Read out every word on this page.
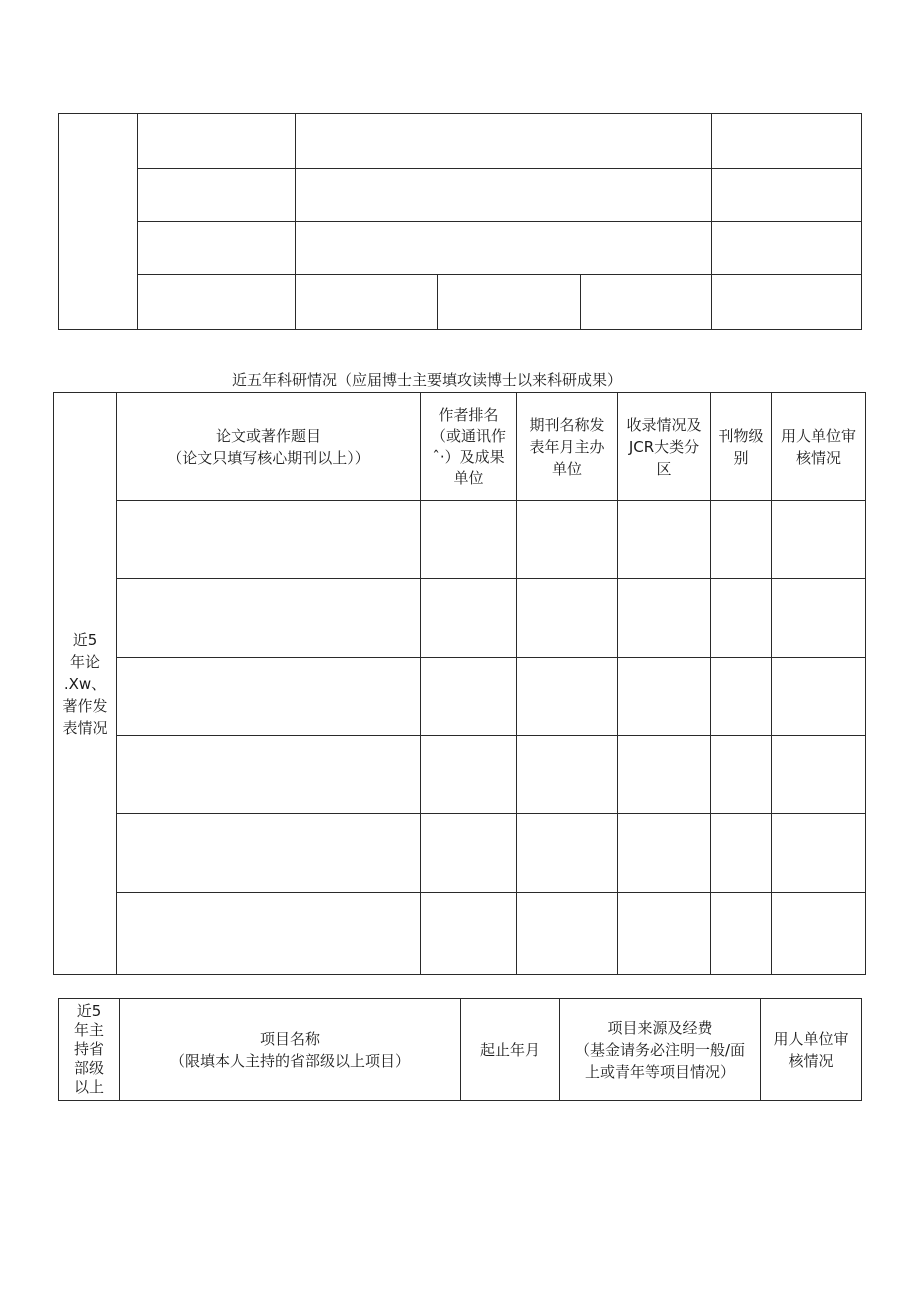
近五年科研情况（应届博士主要填攻读博士以来科研成果）
近5
年论
.Xw、
著作发
表情况
论文或著作题目
（论文只填写核心期刊以上））
作者排名
（或通讯作
ˆ·）及成果
单位
期刊名称发
表年月主办
单位
收录情况及
JCR大类分
区
刊物级
别
用人单位审
核情况
近5
年主
持省
部级
以上
项目名称
（限填本人主持的省部级以上项目）
起止年月
项目来源及经费
（基金请务必注明一般/面
上或青年等项目情况）
用人单位审
核情况
